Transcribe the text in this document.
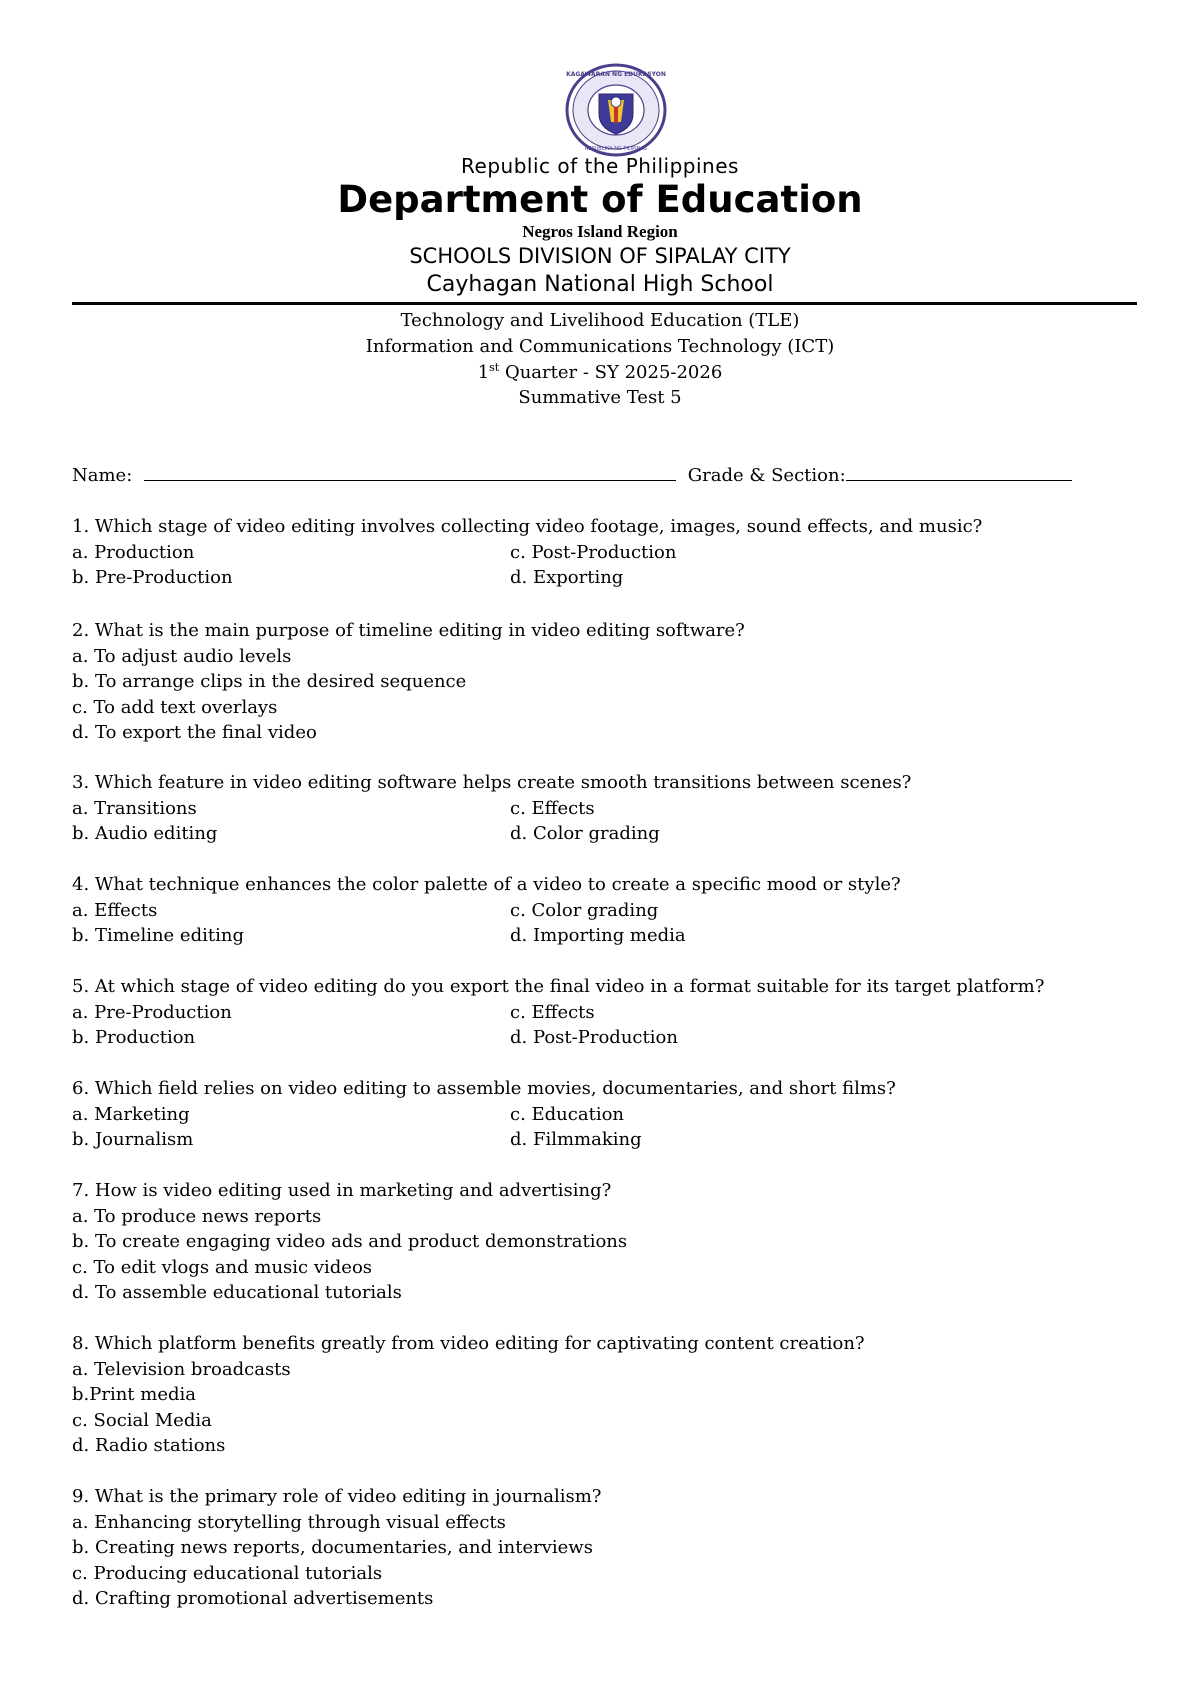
KAGAWARAN NG EDUKASYON
REPUBLIKA NG PILIPINAS
Republic of the Philippines
Department of Education
Negros Island Region
SCHOOLS DIVISION OF SIPALAY CITY
Cayhagan National High School
Technology and Livelihood Education (TLE)
Information and Communications Technology (ICT)
1st Quarter - SY 2025-2026
Summative Test 5
Name:	Grade & Section:
1. Which stage of video editing involves collecting video footage, images, sound effects, and music?
a. Production	c. Post-Production
b. Pre-Production	d. Exporting
2. What is the main purpose of timeline editing in video editing software?
a. To adjust audio levels
b. To arrange clips in the desired sequence
c. To add text overlays
d. To export the final video
3. Which feature in video editing software helps create smooth transitions between scenes?
a. Transitions	c. Effects
b. Audio editing	d. Color grading
4. What technique enhances the color palette of a video to create a specific mood or style?
a. Effects	c. Color grading
b. Timeline editing	d. Importing media
5. At which stage of video editing do you export the final video in a format suitable for its target platform?
a. Pre-Production	c. Effects
b. Production	d. Post-Production
6. Which field relies on video editing to assemble movies, documentaries, and short films?
a. Marketing	c. Education
b. Journalism	d. Filmmaking
7. How is video editing used in marketing and advertising?
a. To produce news reports
b. To create engaging video ads and product demonstrations
c. To edit vlogs and music videos
d. To assemble educational tutorials
8. Which platform benefits greatly from video editing for captivating content creation?
a. Television broadcasts
b.Print media
c. Social Media
d. Radio stations
9. What is the primary role of video editing in journalism?
a. Enhancing storytelling through visual effects
b. Creating news reports, documentaries, and interviews
c. Producing educational tutorials
d. Crafting promotional advertisements
